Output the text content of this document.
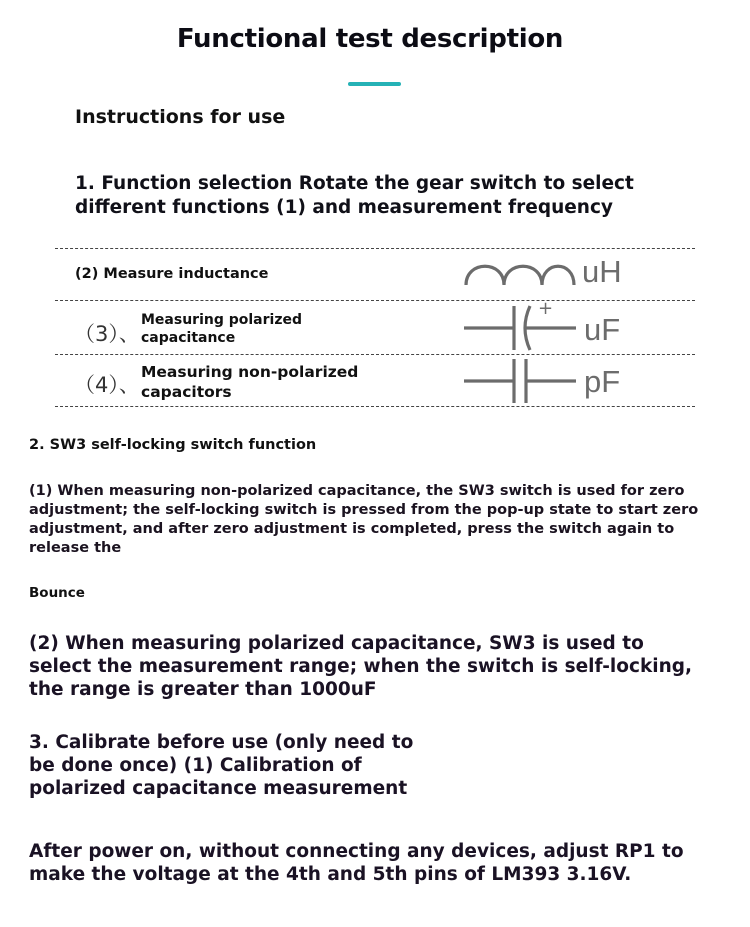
Functional test description
Instructions for use
1. Function selection Rotate the gear switch to select different functions (1) and measurement frequency
(2) Measure inductance	uH
（3）、
Measuring polarized capacitance
+
uF
（4）、
Measuring non-polarized capacitors	pF
2. SW3 self-locking switch function
(1) When measuring non-polarized capacitance, the SW3 switch is used for zero adjustment; the self-locking switch is pressed from the pop-up state to start zero adjustment, and after zero adjustment is completed, press the switch again to release the
Bounce
(2) When measuring polarized capacitance, SW3 is used to select the measurement range; when the switch is self-locking, the range is greater than 1000uF
3. Calibrate before use (only need to be done once) (1) Calibration of polarized capacitance measurement
After power on, without connecting any devices, adjust RP1 to make the voltage at the 4th and 5th pins of LM393 3.16V.
